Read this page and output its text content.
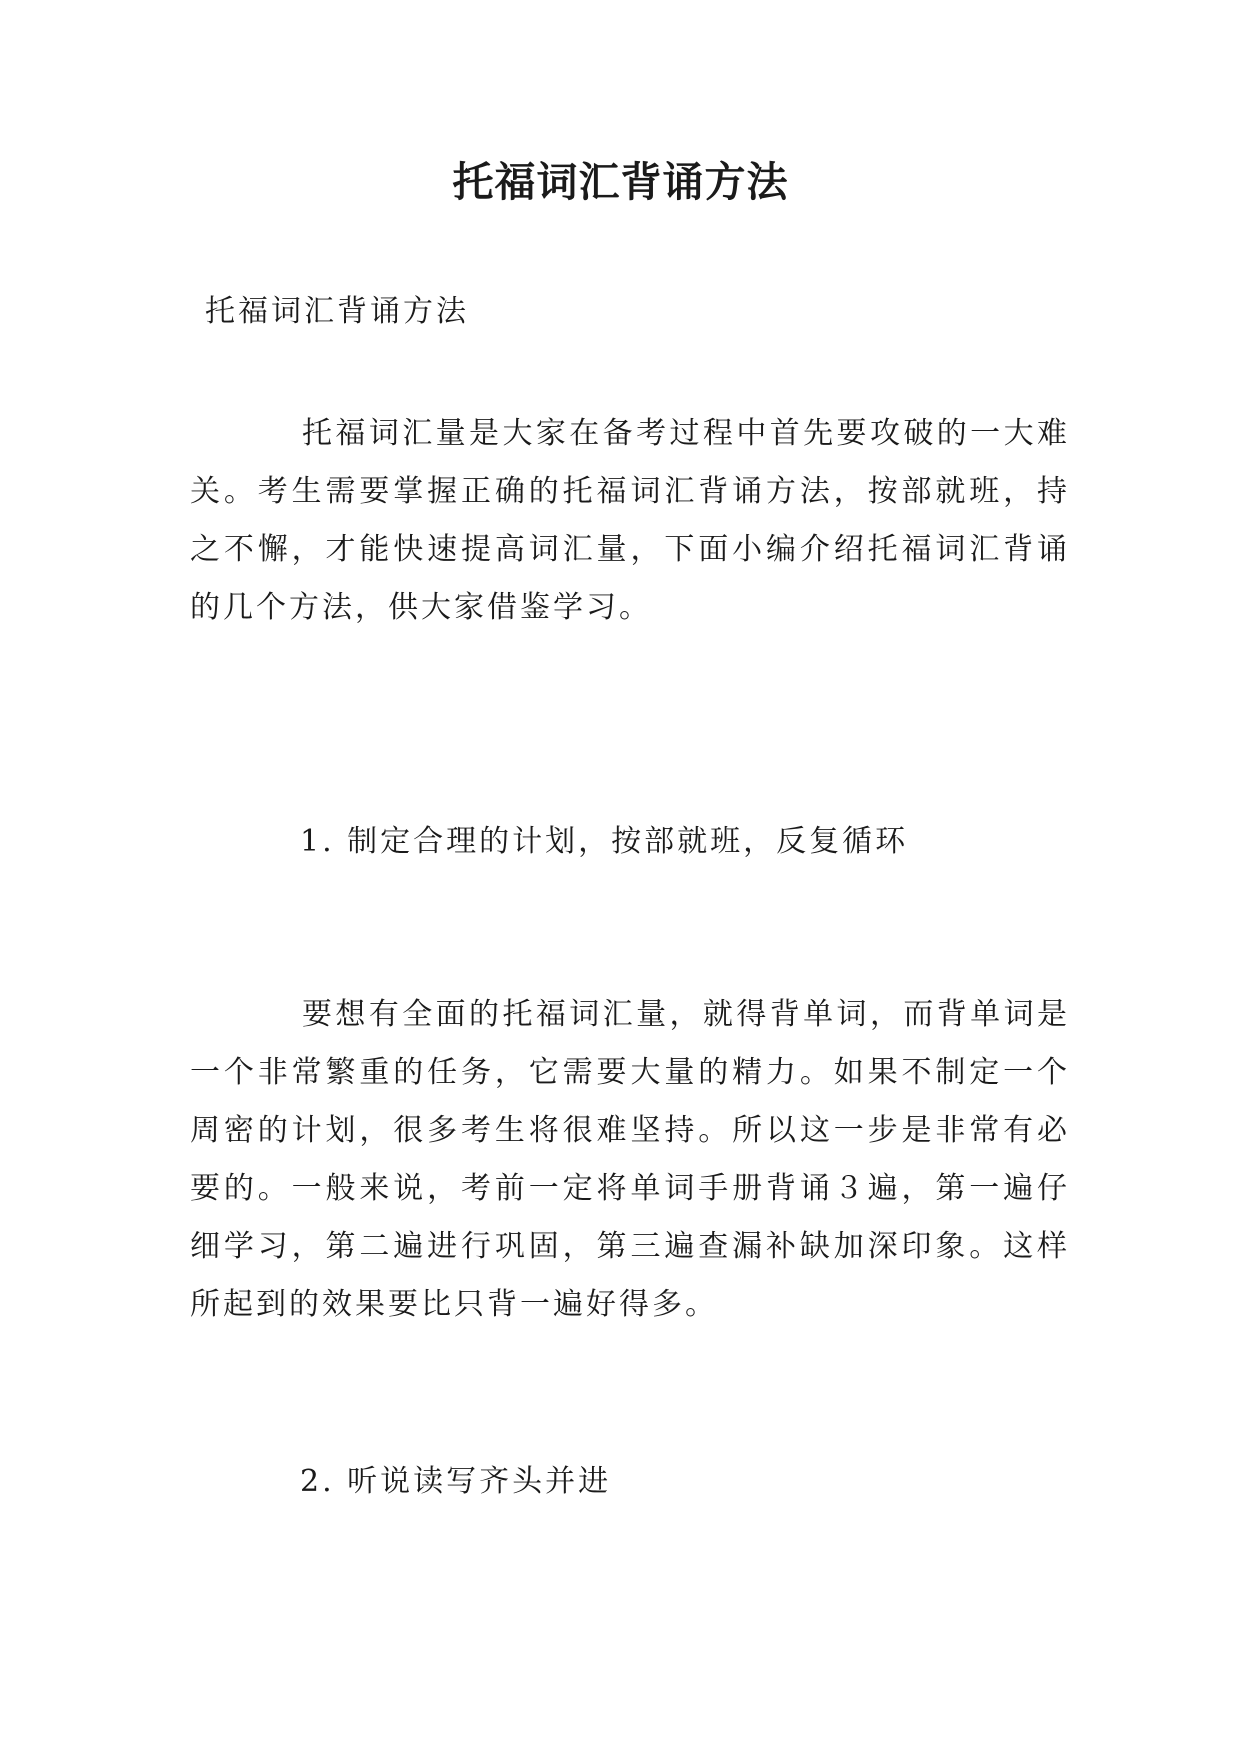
托福词汇背诵方法
托福词汇背诵方法

托福词汇量是大家在备考过程中首先要攻破的一大难关。考生需要掌握正确的托福词汇背诵方法，按部就班，持之不懈，才能快速提高词汇量，下面小编介绍托福词汇背诵的几个方法，供大家借鉴学习。

1. 制定合理的计划，按部就班，反复循环

要想有全面的托福词汇量，就得背单词，而背单词是一个非常繁重的任务，它需要大量的精力。如果不制定一个周密的计划，很多考生将很难坚持。所以这一步是非常有必要的。一般来说，考前一定将单词手册背诵３遍，第一遍仔细学习，第二遍进行巩固，第三遍查漏补缺加深印象。这样所起到的效果要比只背一遍好得多。

2. 听说读写齐头并进
